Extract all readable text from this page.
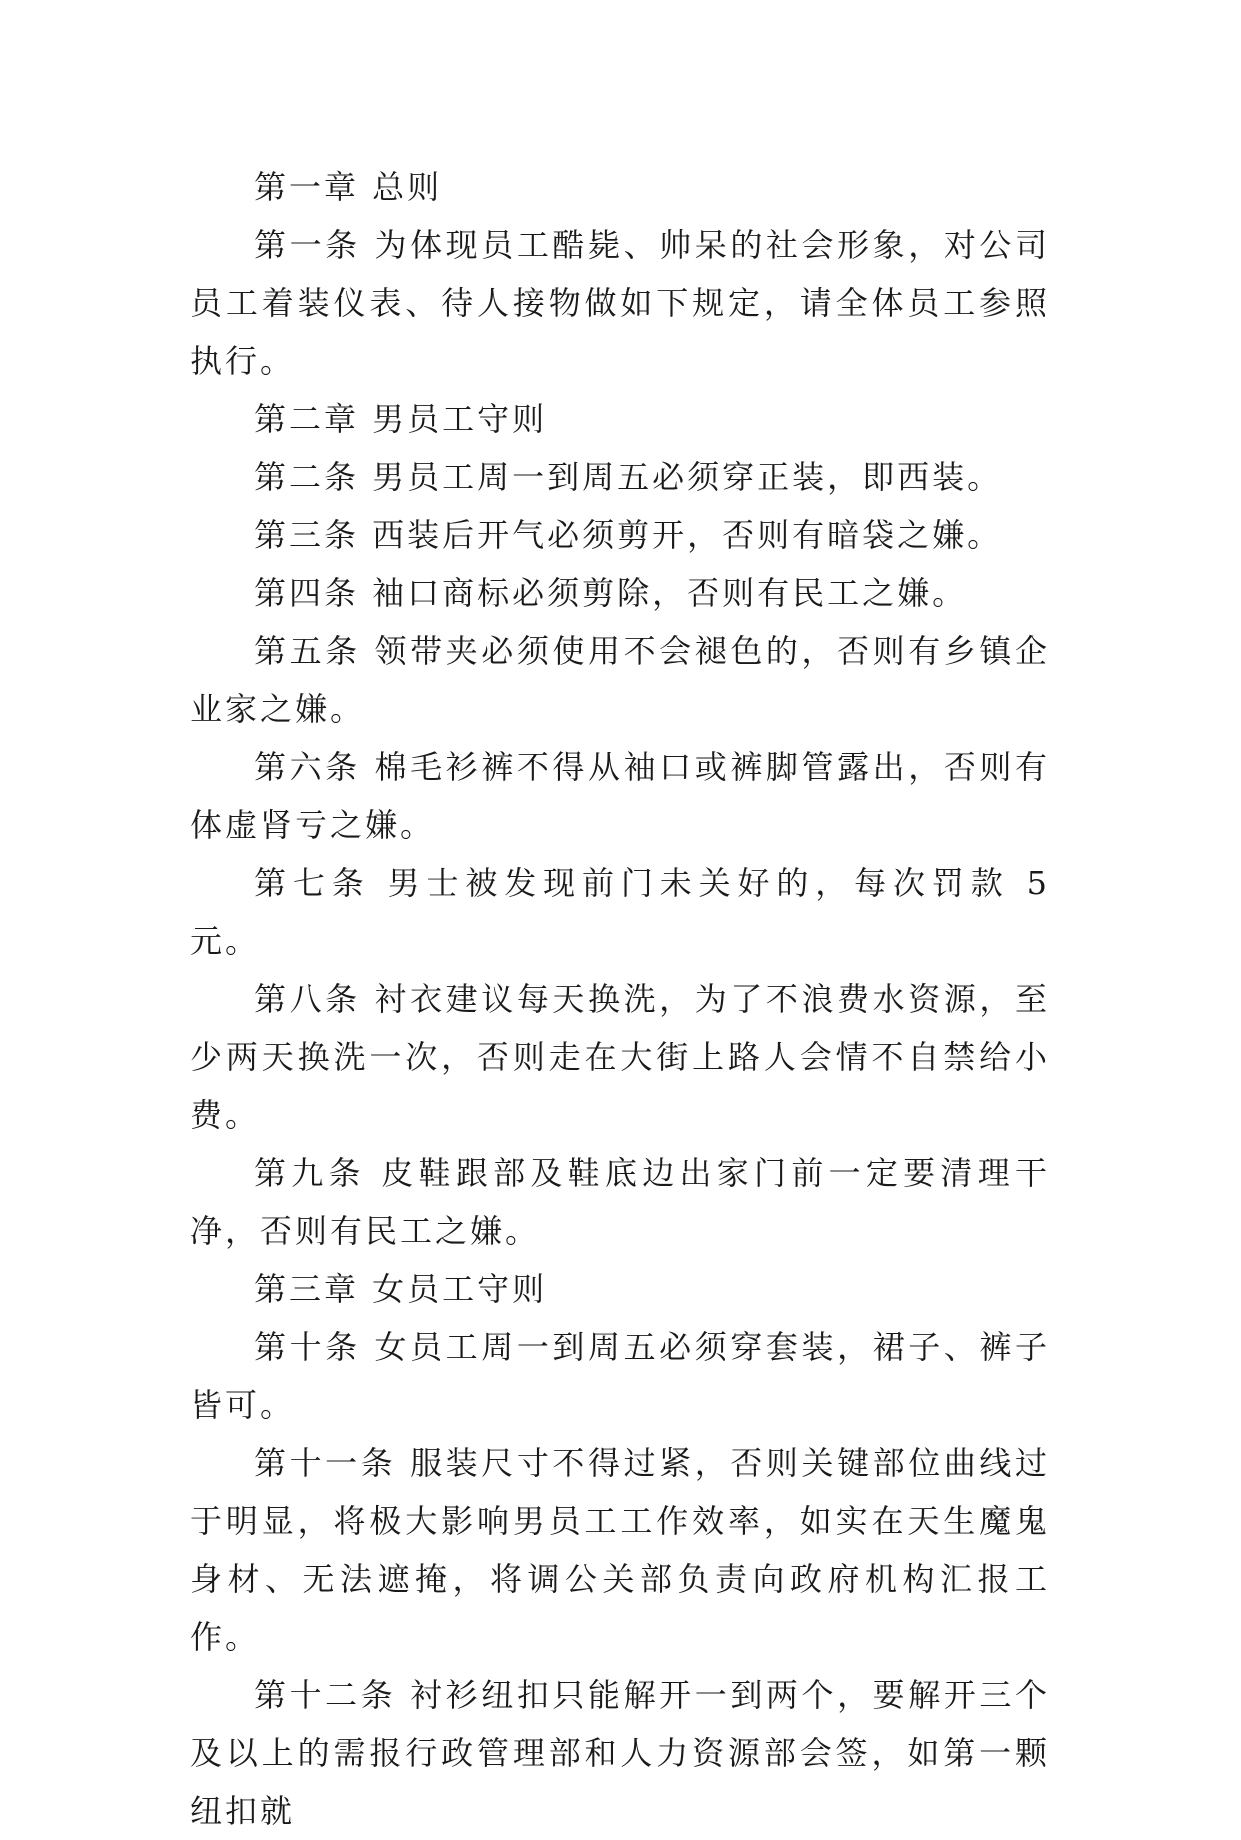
第一章 总则

第一条 为体现员工酷毙、帅呆的社会形象，对公司员工着装仪表、待人接物做如下规定，请全体员工参照执行。

第二章 男员工守则

第二条 男员工周一到周五必须穿正装，即西装。

第三条 西装后开气必须剪开，否则有暗袋之嫌。

第四条 袖口商标必须剪除，否则有民工之嫌。

第五条 领带夹必须使用不会褪色的，否则有乡镇企业家之嫌。

第六条 棉毛衫裤不得从袖口或裤脚管露出，否则有体虚肾亏之嫌。

第七条 男士被发现前门未关好的，每次罚款 5 元。

第八条 衬衣建议每天换洗，为了不浪费水资源，至少两天换洗一次，否则走在大街上路人会情不自禁给小费。

第九条 皮鞋跟部及鞋底边出家门前一定要清理干净，否则有民工之嫌。

第三章 女员工守则

第十条 女员工周一到周五必须穿套装，裙子、裤子皆可。

第十一条 服装尺寸不得过紧，否则关键部位曲线过于明显，将极大影响男员工工作效率，如实在天生魔鬼身材、无法遮掩，将调公关部负责向政府机构汇报工作。

第十二条 衬衫纽扣只能解开一到两个，要解开三个及以上的需报行政管理部和人力资源部会签，如第一颗纽扣就
